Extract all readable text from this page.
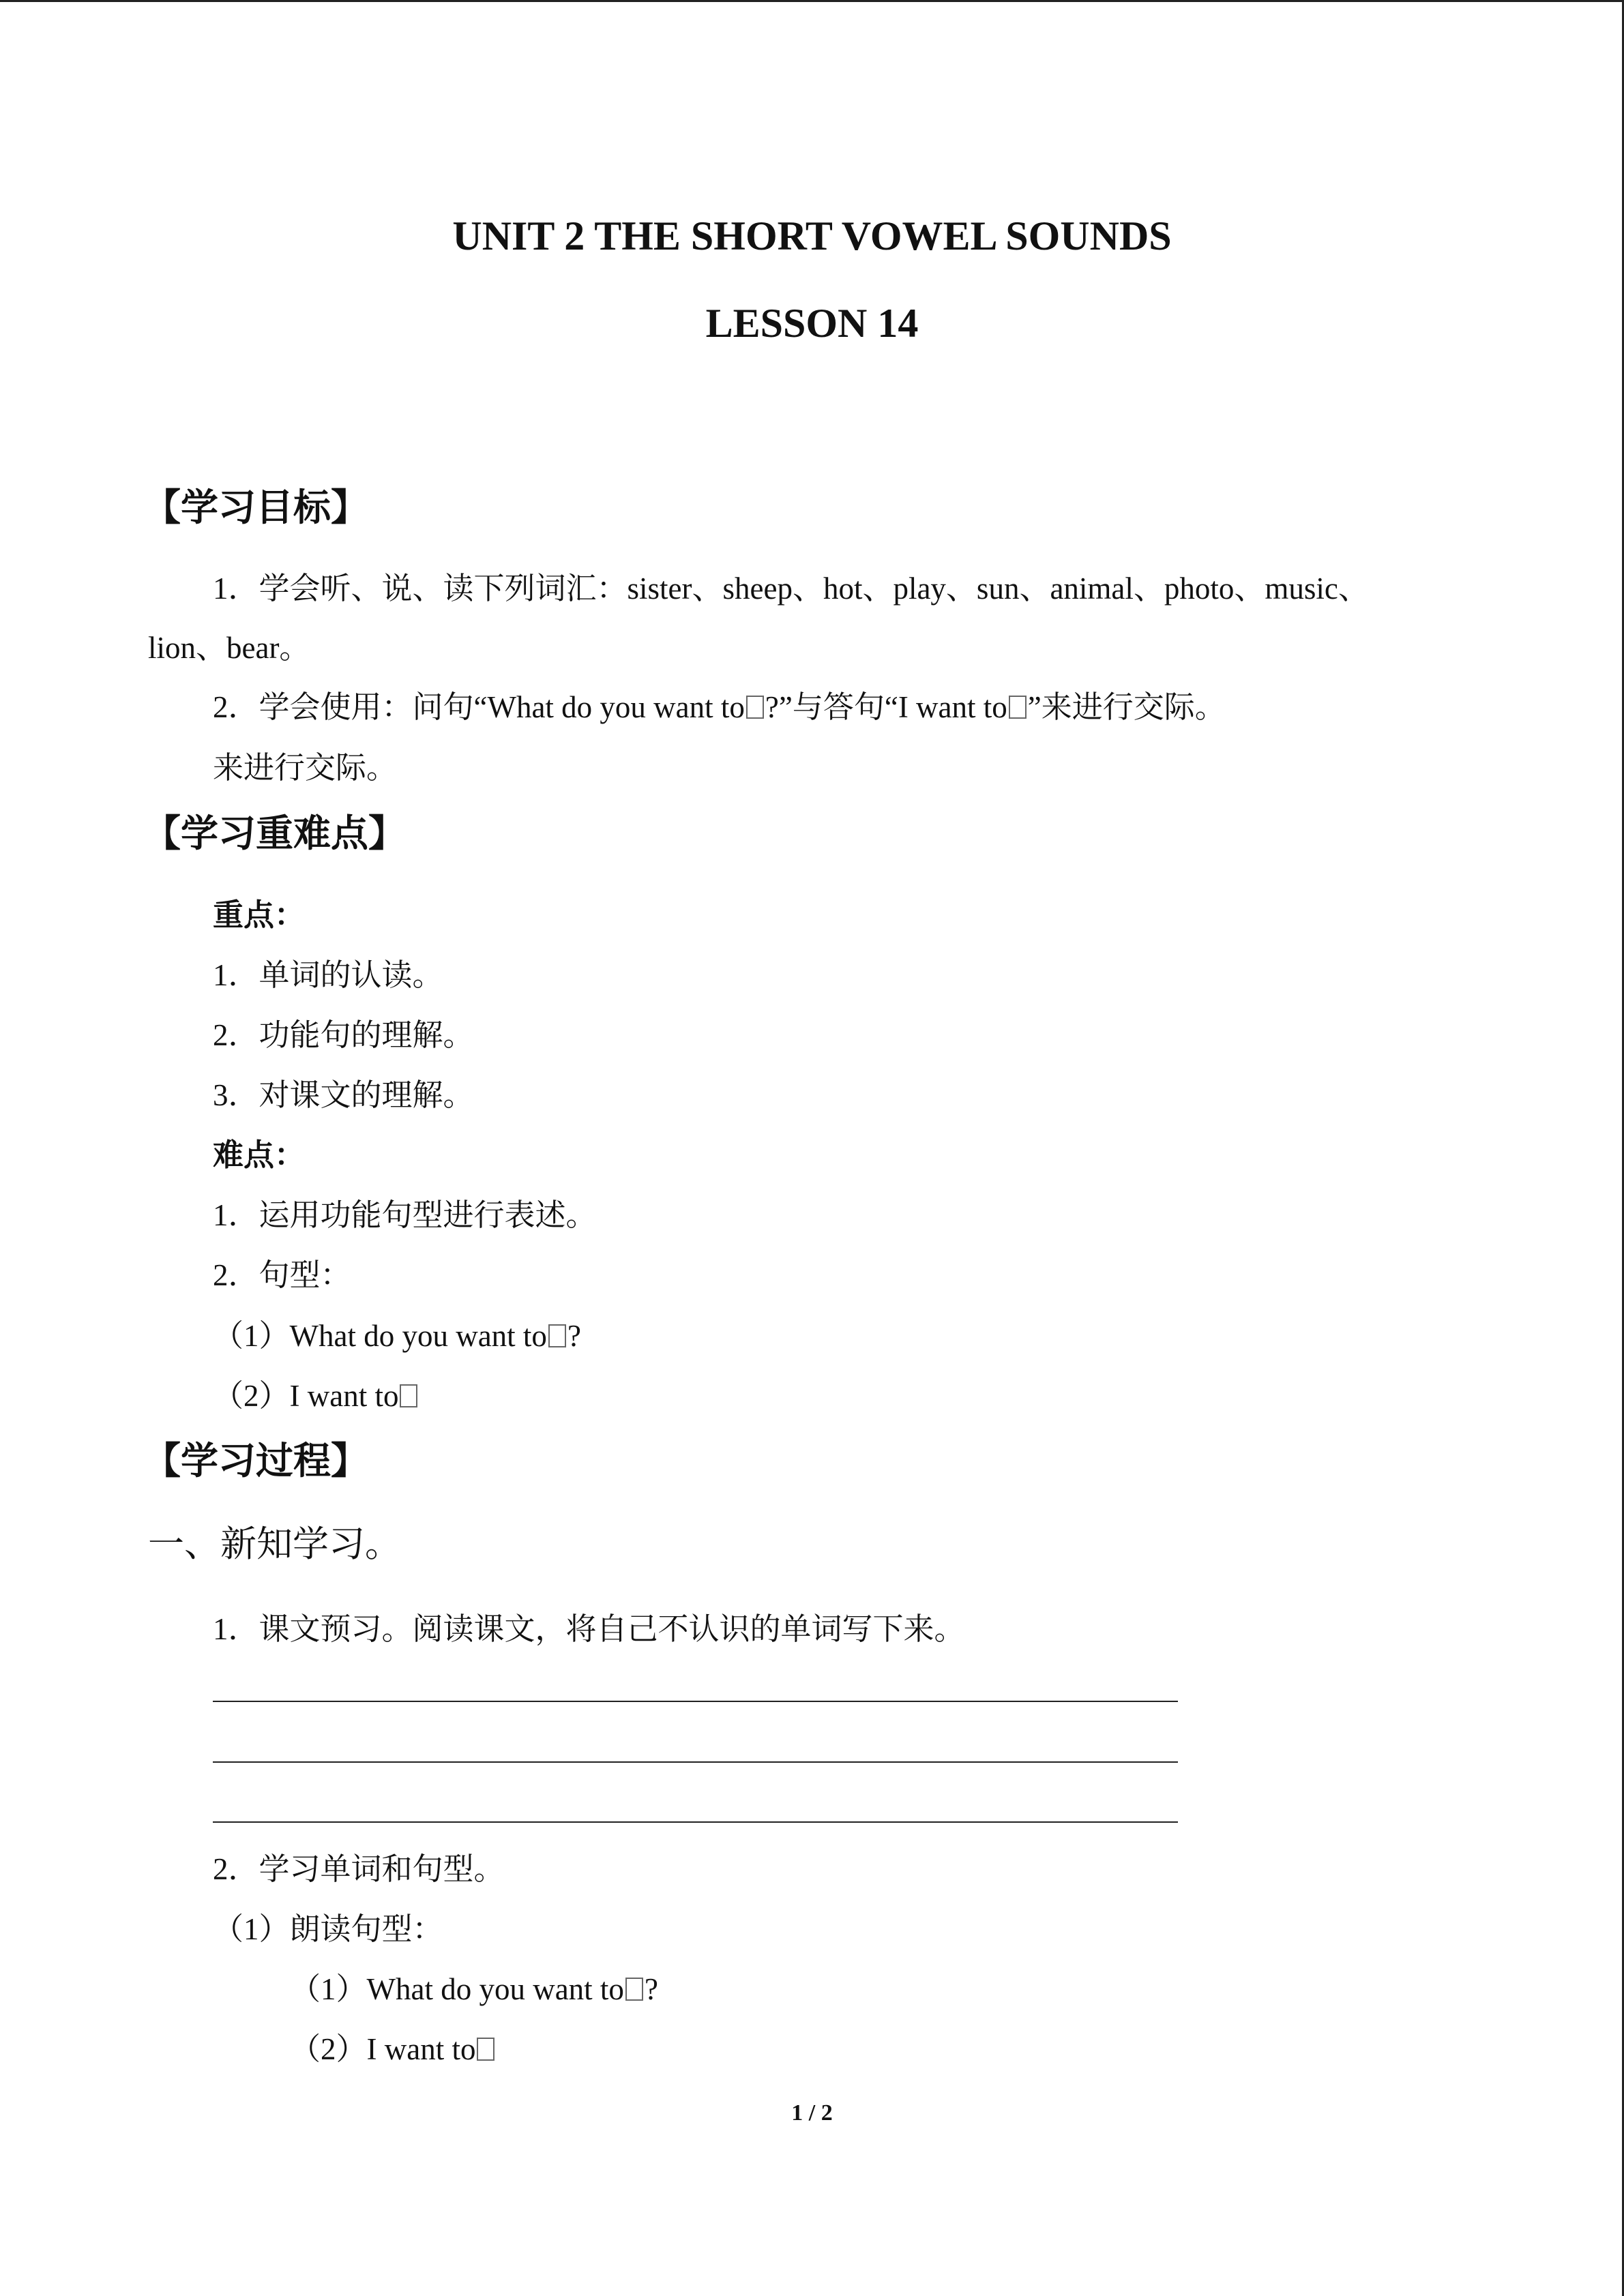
UNIT 2 THE SHORT VOWEL SOUNDS
LESSON 14
【学习目标】
1．学会听、说、读下列词汇：sister、sheep、hot、play、sun、animal、photo、music、
lion、bear。
2．学会使用：问句“What do you want to ?”与答句“I want to ”来进行交际。
来进行交际。
【学习重难点】
重点：
1．单词的认读。
2．功能句的理解。
3．对课文的理解。
难点：
1．运用功能句型进行表述。
2．句型：
（1）What do you want to ?
（2）I want to
【学习过程】
一、新知学习。
1．课文预习。阅读课文，将自己不认识的单词写下来。
2．学习单词和句型。
（1）朗读句型：
（1）What do you want to ?
（2）I want to
1 / 2
